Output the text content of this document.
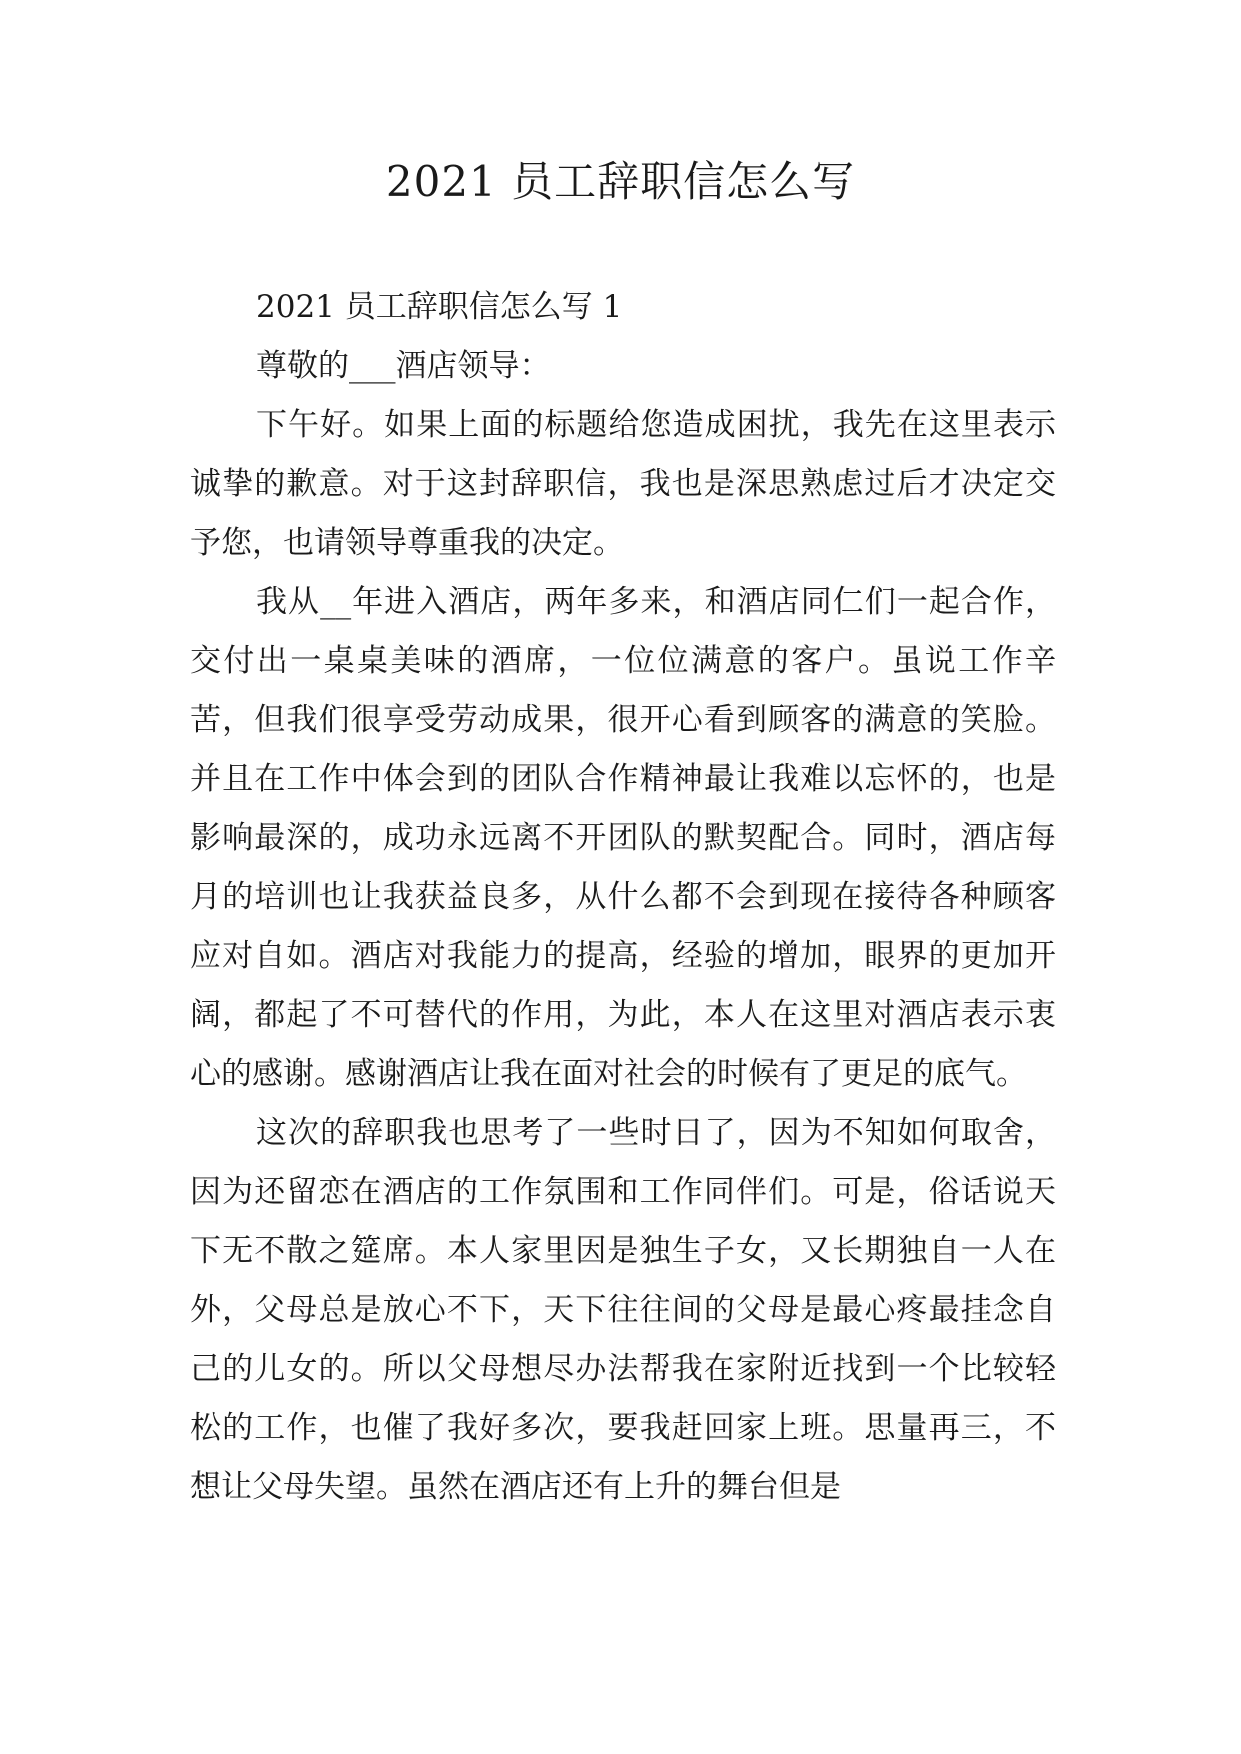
2021 员工辞职信怎么写

2021 员工辞职信怎么写 1

尊敬的___酒店领导：

下午好。如果上面的标题给您造成困扰，我先在这里表示诚挚的歉意。对于这封辞职信，我也是深思熟虑过后才决定交予您，也请领导尊重我的决定。

我从__年进入酒店，两年多来，和酒店同仁们一起合作，交付出一桌桌美味的酒席，一位位满意的客户。虽说工作辛苦，但我们很享受劳动成果，很开心看到顾客的满意的笑脸。并且在工作中体会到的团队合作精神最让我难以忘怀的，也是影响最深的，成功永远离不开团队的默契配合。同时，酒店每月的培训也让我获益良多，从什么都不会到现在接待各种顾客应对自如。酒店对我能力的提高，经验的增加，眼界的更加开阔，都起了不可替代的作用，为此，本人在这里对酒店表示衷心的感谢。感谢酒店让我在面对社会的时候有了更足的底气。

这次的辞职我也思考了一些时日了，因为不知如何取舍，因为还留恋在酒店的工作氛围和工作同伴们。可是，俗话说天下无不散之筵席。本人家里因是独生子女，又长期独自一人在外，父母总是放心不下，天下往往间的父母是最心疼最挂念自己的儿女的。所以父母想尽办法帮我在家附近找到一个比较轻松的工作，也催了我好多次，要我赶回家上班。思量再三，不想让父母失望。虽然在酒店还有上升的舞台但是
